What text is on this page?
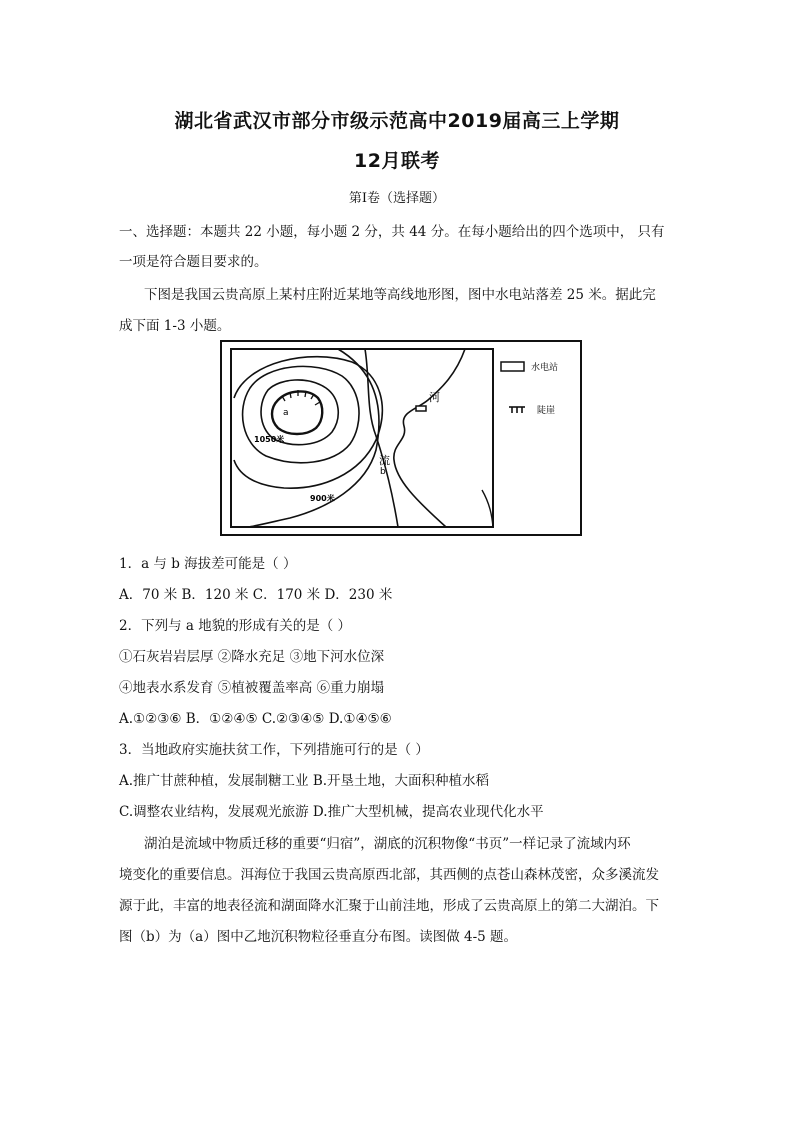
湖北省武汉市部分市级示范高中2019届高三上学期
12月联考
第Ⅰ卷（选择题）
一、选择题：本题共 22 小题，每小题 2 分，共 44 分。在每小题给出的四个选项中， 只有
一项是符合题目要求的。
下图是我国云贵高原上某村庄附近某地等高线地形图，图中水电站落差 25 米。据此完
成下面 1-3 小题。
水电站
陡崖
a
b
河
流
1050米
900米
1．a 与 b 海拔差可能是（ ）
A．70 米 B．120 米 C．170 米 D．230 米
2．下列与 a 地貌的形成有关的是（ ）
①石灰岩岩层厚 ②降水充足 ③地下河水位深
④地表水系发育 ⑤植被覆盖率高 ⑥重力崩塌
A.①②③⑥ B．①②④⑤ C.②③④⑤ D.①④⑤⑥
3．当地政府实施扶贫工作，下列措施可行的是（ ）
A.推广甘蔗种植，发展制糖工业 B.开垦土地，大面积种植水稻
C.调整农业结构，发展观光旅游 D.推广大型机械，提高农业现代化水平
湖泊是流域中物质迁移的重要“归宿”，湖底的沉积物像“书页”一样记录了流域内环
境变化的重要信息。洱海位于我国云贵高原西北部，其西侧的点苍山森林茂密，众多溪流发
源于此，丰富的地表径流和湖面降水汇聚于山前洼地，形成了云贵高原上的第二大湖泊。下
图（b）为（a）图中乙地沉积物粒径垂直分布图。读图做 4-5 题。
